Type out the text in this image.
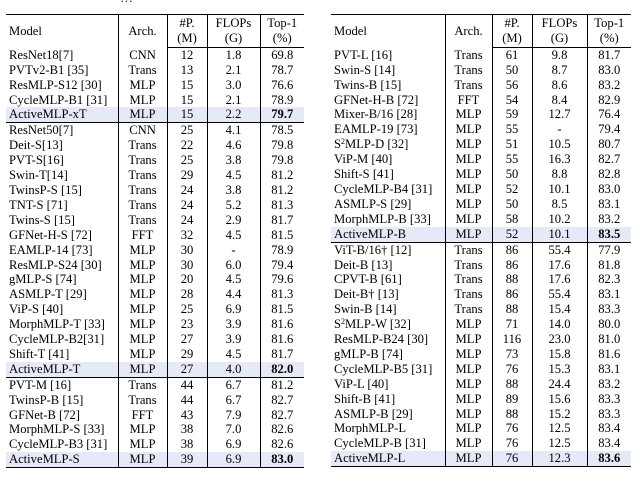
Model	Arch.	#P.	FLOPs	Top-1
		(M)	(G)	(%)
ResNet18[7]	CNN	12	1.8	69.8
PVTv2-B1 [35]	Trans	13	2.1	78.7
ResMLP-S12 [30]	MLP	15	3.0	76.6
CycleMLP-B1 [31]	MLP	15	2.1	78.9
ActiveMLP-xT	MLP	15	2.2	79.7
ResNet50[7]	CNN	25	4.1	78.5
Deit-S[13]	Trans	22	4.6	79.8
PVT-S[16]	Trans	25	3.8	79.8
Swin-T[14]	Trans	29	4.5	81.2
TwinsP-S [15]	Trans	24	3.8	81.2
TNT-S [71]	Trans	24	5.2	81.3
Twins-S [15]	Trans	24	2.9	81.7
GFNet-H-S [72]	FFT	32	4.5	81.5
EAMLP-14 [73]	MLP	30	-	78.9
ResMLP-S24 [30]	MLP	30	6.0	79.4
gMLP-S [74]	MLP	20	4.5	79.6
ASMLP-T [29]	MLP	28	4.4	81.3
ViP-S [40]	MLP	25	6.9	81.5
MorphMLP-T [33]	MLP	23	3.9	81.6
CycleMLP-B2[31]	MLP	27	3.9	81.6
Shift-T [41]	MLP	29	4.5	81.7
ActiveMLP-T	MLP	27	4.0	82.0
PVT-M [16]	Trans	44	6.7	81.2
TwinsP-B [15]	Trans	44	6.7	82.7
GFNet-B [72]	FFT	43	7.9	82.7
MorphMLP-S [33]	MLP	38	7.0	82.6
CycleMLP-B3 [31]	MLP	38	6.9	82.6
ActiveMLP-S	MLP	39	6.9	83.0
Model	Arch.	#P.	FLOPs	Top-1
		(M)	(G)	(%)
PVT-L [16]	Trans	61	9.8	81.7
Swin-S [14]	Trans	50	8.7	83.0
Twins-B [15]	Trans	56	8.6	83.2
GFNet-H-B [72]	FFT	54	8.4	82.9
Mixer-B/16 [28]	MLP	59	12.7	76.4
EAMLP-19 [73]	MLP	55	-	79.4
$S^2MLP-D$ [32]	MLP	51	10.5	80.7
ViP-M [40]	MLP	55	16.3	82.7
Shift-S [41]	MLP	50	8.8	82.8
CycleMLP-B4 [31]	MLP	52	10.1	83.0
ASMLP-S [29]	MLP	50	8.5	83.1
MorphMLP-B [33]	MLP	58	10.2	83.2
ActiveMLP-B	MLP	52	10.1	83.5
ViT-B/16† [12]	Trans	86	55.4	77.9
Deit-B [13]	Trans	86	17.6	81.8
CPVT-B [61]	Trans	88	17.6	82.3
Deit-B† [13]	Trans	86	55.4	83.1
Swin-B [14]	Trans	88	15.4	83.3
$S^2MLP-W$ [32]	MLP	71	14.0	80.0
ResMLP-B24 [30]	MLP	116	23.0	81.0
gMLP-B [74]	MLP	73	15.8	81.6
CycleMLP-B5 [31]	MLP	76	15.3	83.1
ViP-L [40]	MLP	88	24.4	83.2
Shift-B [41]	MLP	89	15.6	83.3
ASMLP-B [29]	MLP	88	15.2	83.3
MorphMLP-L	MLP	76	12.5	83.4
CycleMLP-B [31]	MLP	76	12.5	83.4
ActiveMLP-L	MLP	76	12.3	83.6
